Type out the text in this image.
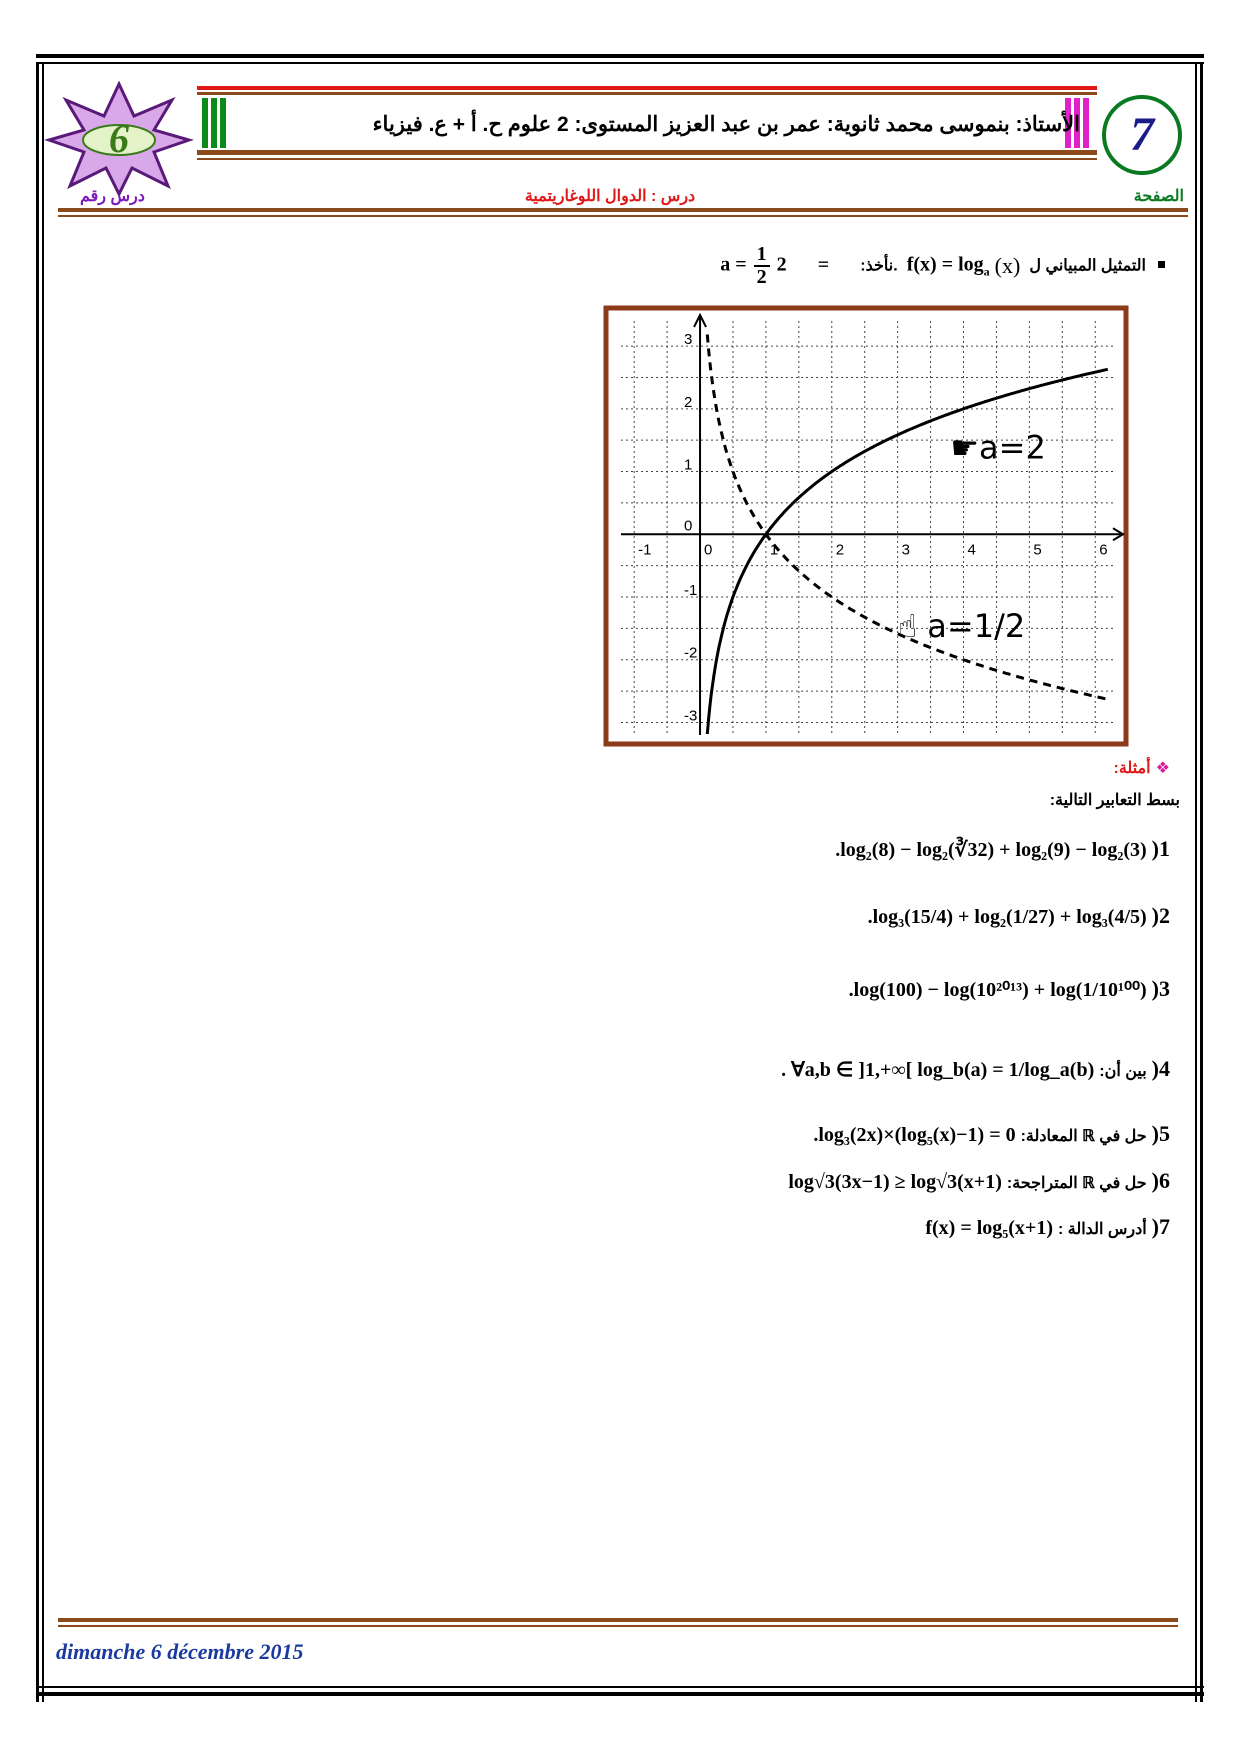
الأستاذ: بنموسى محمد ثانوية: عمر بن عبد العزيز المستوى: 2 علوم ح. أ + ع. فيزياء 7
6
الصفحة
درس : الدوال اللوغاريتمية
درس رقم
التمثيل المبياني ل $f(x) = \log_a (x)$ .نأخذ: = $a = \frac{1}{2} 2$
-1	0	1	2	3	4	5	6
-3
-2
-1
1
2
3
0
☛a=2
☝ a=1/2
❖ أمثلة:
بسط التعابير التالية:
1( .log₂(8) − log₂(∛32) + log₂(9) − log₂(3)
2( .log₃(15/4) + log₂(1/27) + log₃(4/5)
3( .log(100) − log(10²⁰¹³) + log(1/10¹⁰⁰)
4( بين أن: . ∀a,b ∈ ]1,+∞[ log_b(a) = 1/log_a(b)
5( حل في ℝ المعادلة: .log₃(2x)×(log₅(x)−1) = 0
6( حل في ℝ المتراجحة: log√3(3x−1) ≥ log√3(x+1)
7( أدرس الدالة : f(x) = log₅(x+1)
dimanche 6 décembre 2015
